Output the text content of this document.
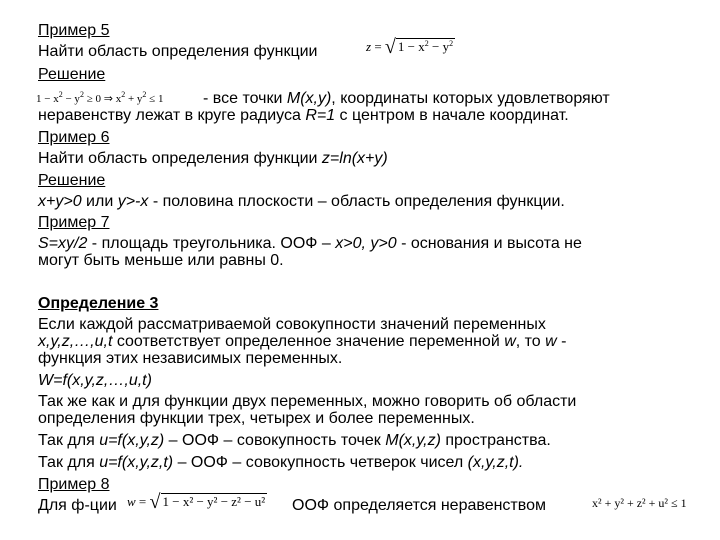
Пример 5
Найти область определения функции	z = √ $1 - x^2 - y^2$
Решение
$1 - x^2 - y^2 \ge 0$ ⇒ $x^2 + y^2 \le 1$ - все точки M(x,y), координаты которых удовлетворяют
неравенству лежат в круге радиуса R=1 с центром в начале координат.
Пример 6
Найти область определения функции z=ln(x+y)
Решение
x+y>0 или y>-x - половина плоскости – область определения функции.
Пример 7
S=xy/2 - площадь треугольника. ООФ – x>0, y>0 - основания и высота не
могут быть меньше или равны 0.
Определение 3
Если каждой рассматриваемой совокупности значений переменных
x,y,z,…,u,t соответствует определенное значение переменной w, то w -
функция этих независимых переменных.
W=f(x,y,z,…,u,t)
Так же как и для функции двух переменных, можно говорить об области
определения функции трех, четырех и более переменных.
Так для u=f(x,y,z) – ООФ – совокупность точек M(x,y,z) пространства.
Так для u=f(x,y,z,t) – ООФ – совокупность четверок чисел (x,y,z,t).
Пример 8
Для ф-ции w = √ 1 − x² − y² − z² − u² ООФ определяется неравенством	x² + y² + z² + u² ≤ 1
